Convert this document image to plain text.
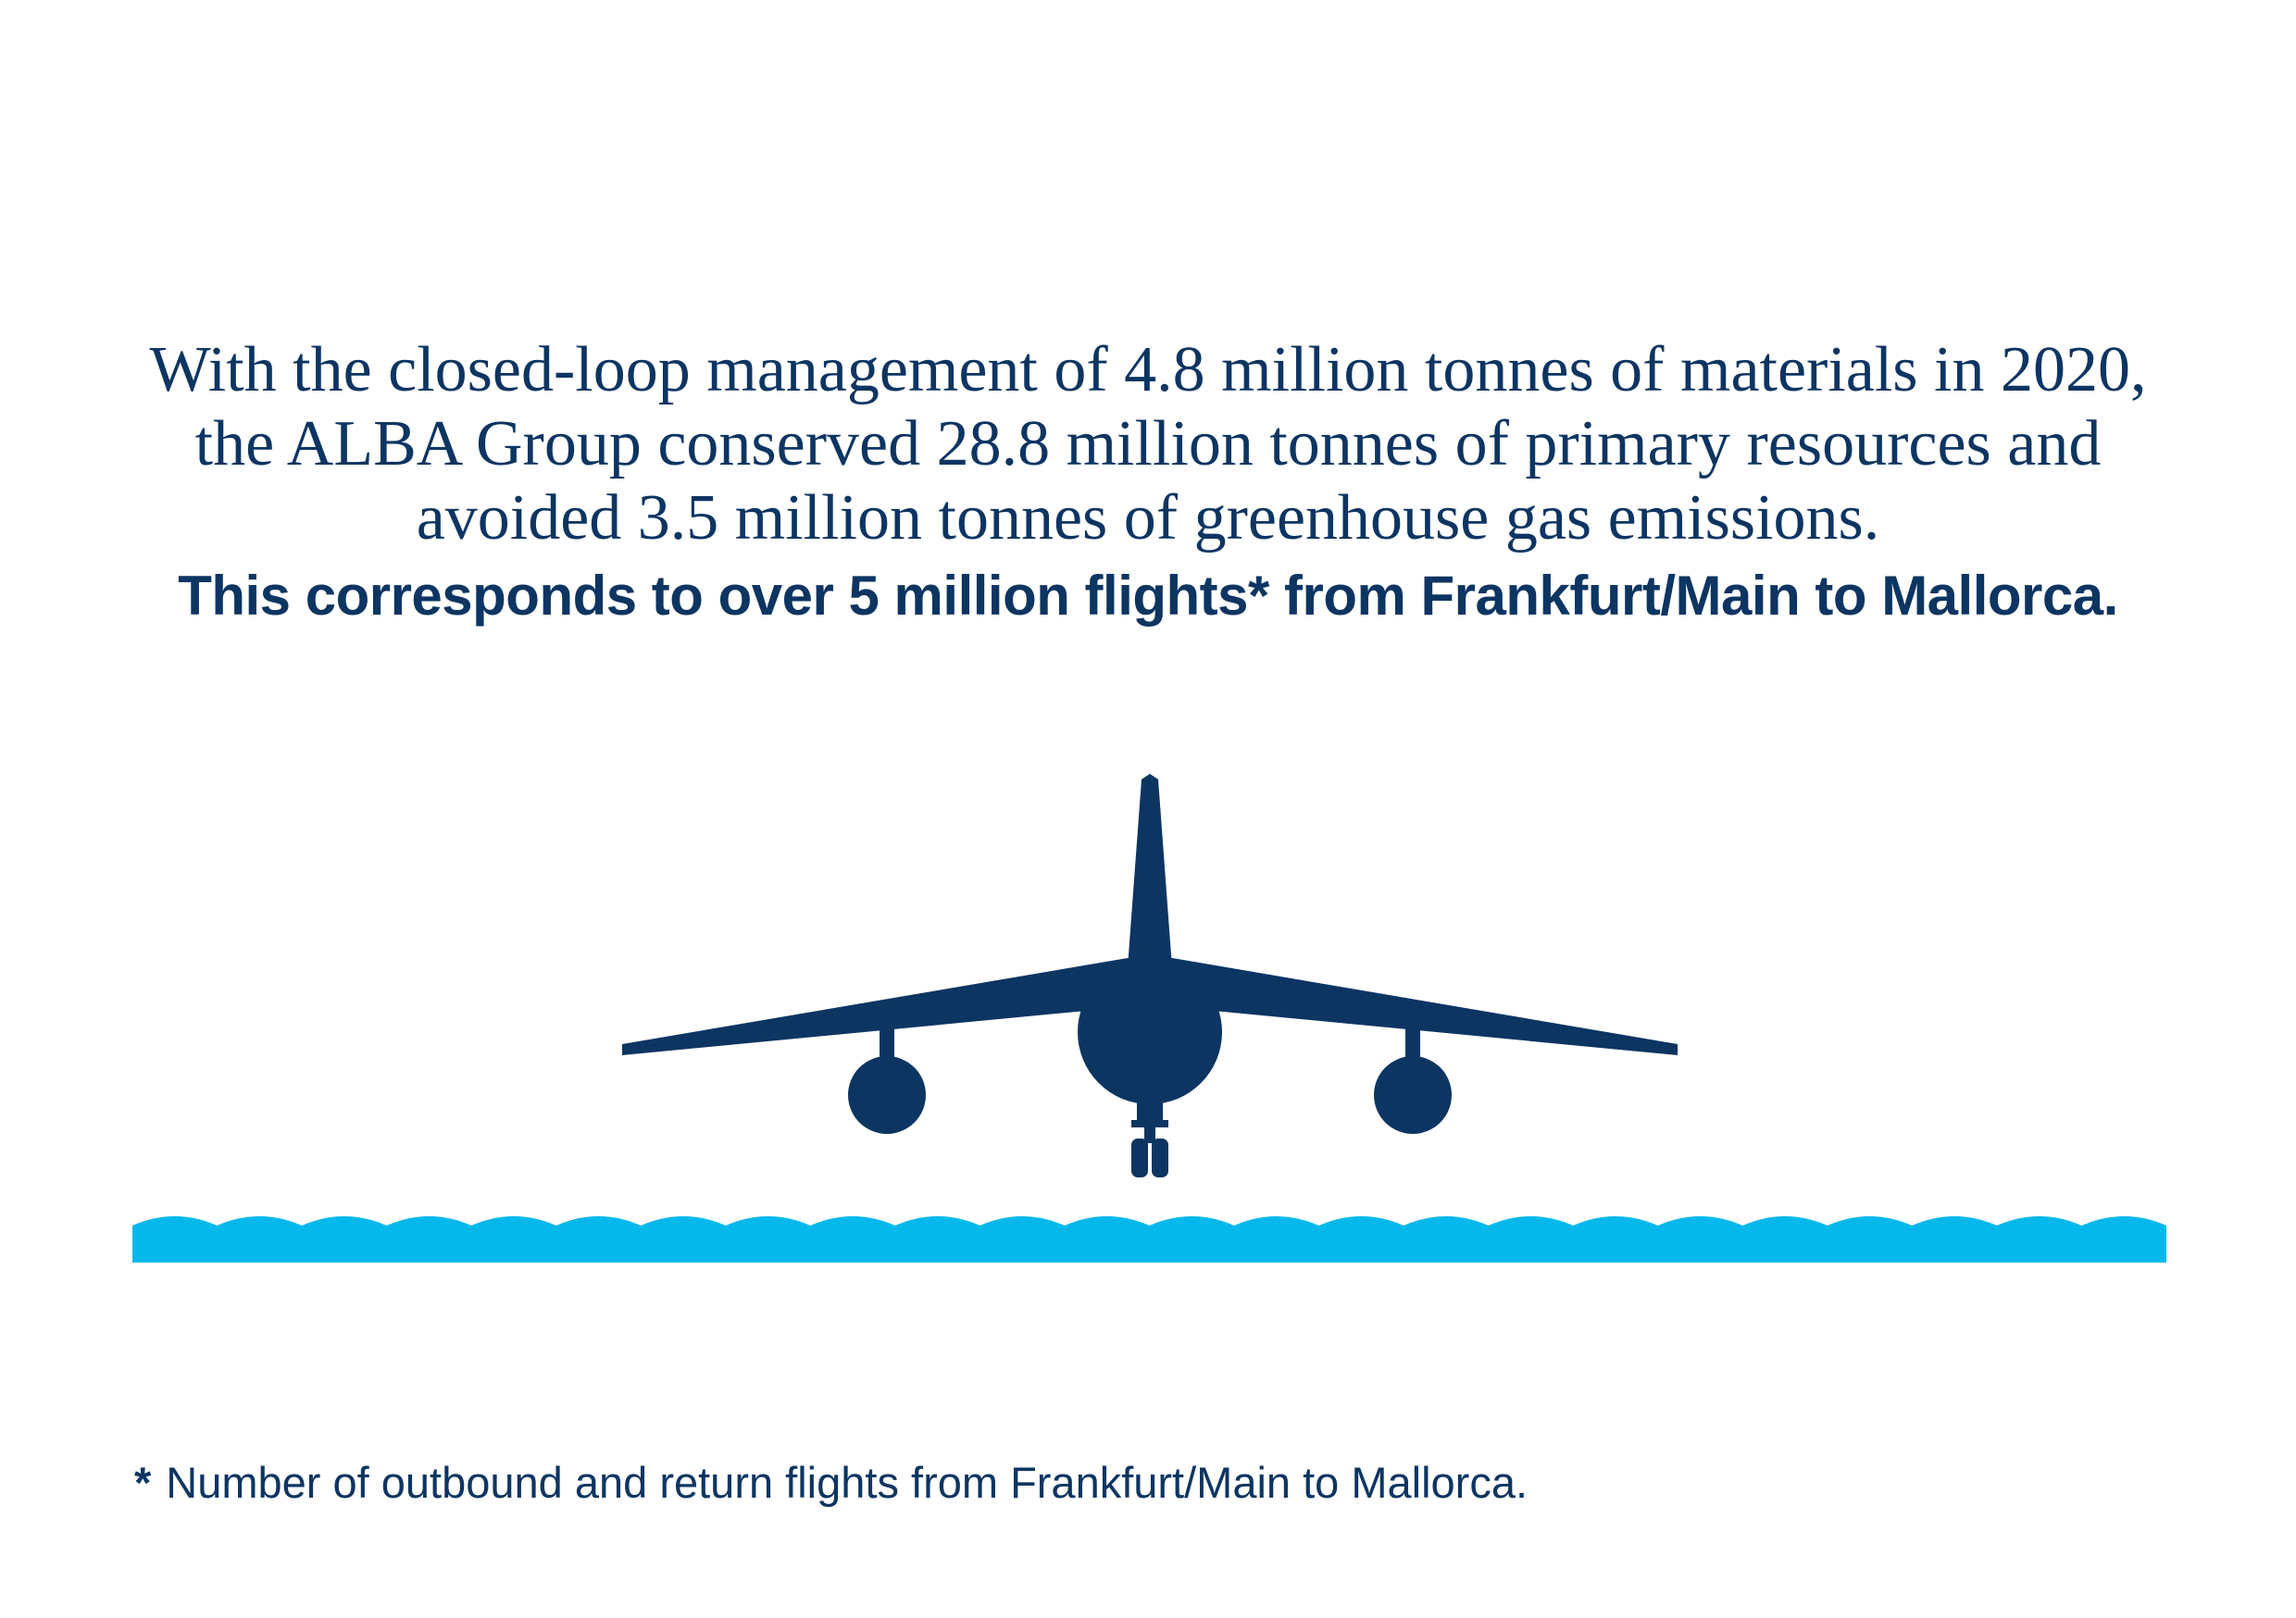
With the closed-loop management of 4.8 million tonnes of materials in 2020,
the ALBA Group conserved 28.8 million tonnes of primary resources and
avoided 3.5 million tonnes of greenhouse gas emissions.
This corresponds to over 5 million flights* from Frankfurt/Main to Mallorca.
* Number of outbound and return flights from Frankfurt/Main to Mallorca.
